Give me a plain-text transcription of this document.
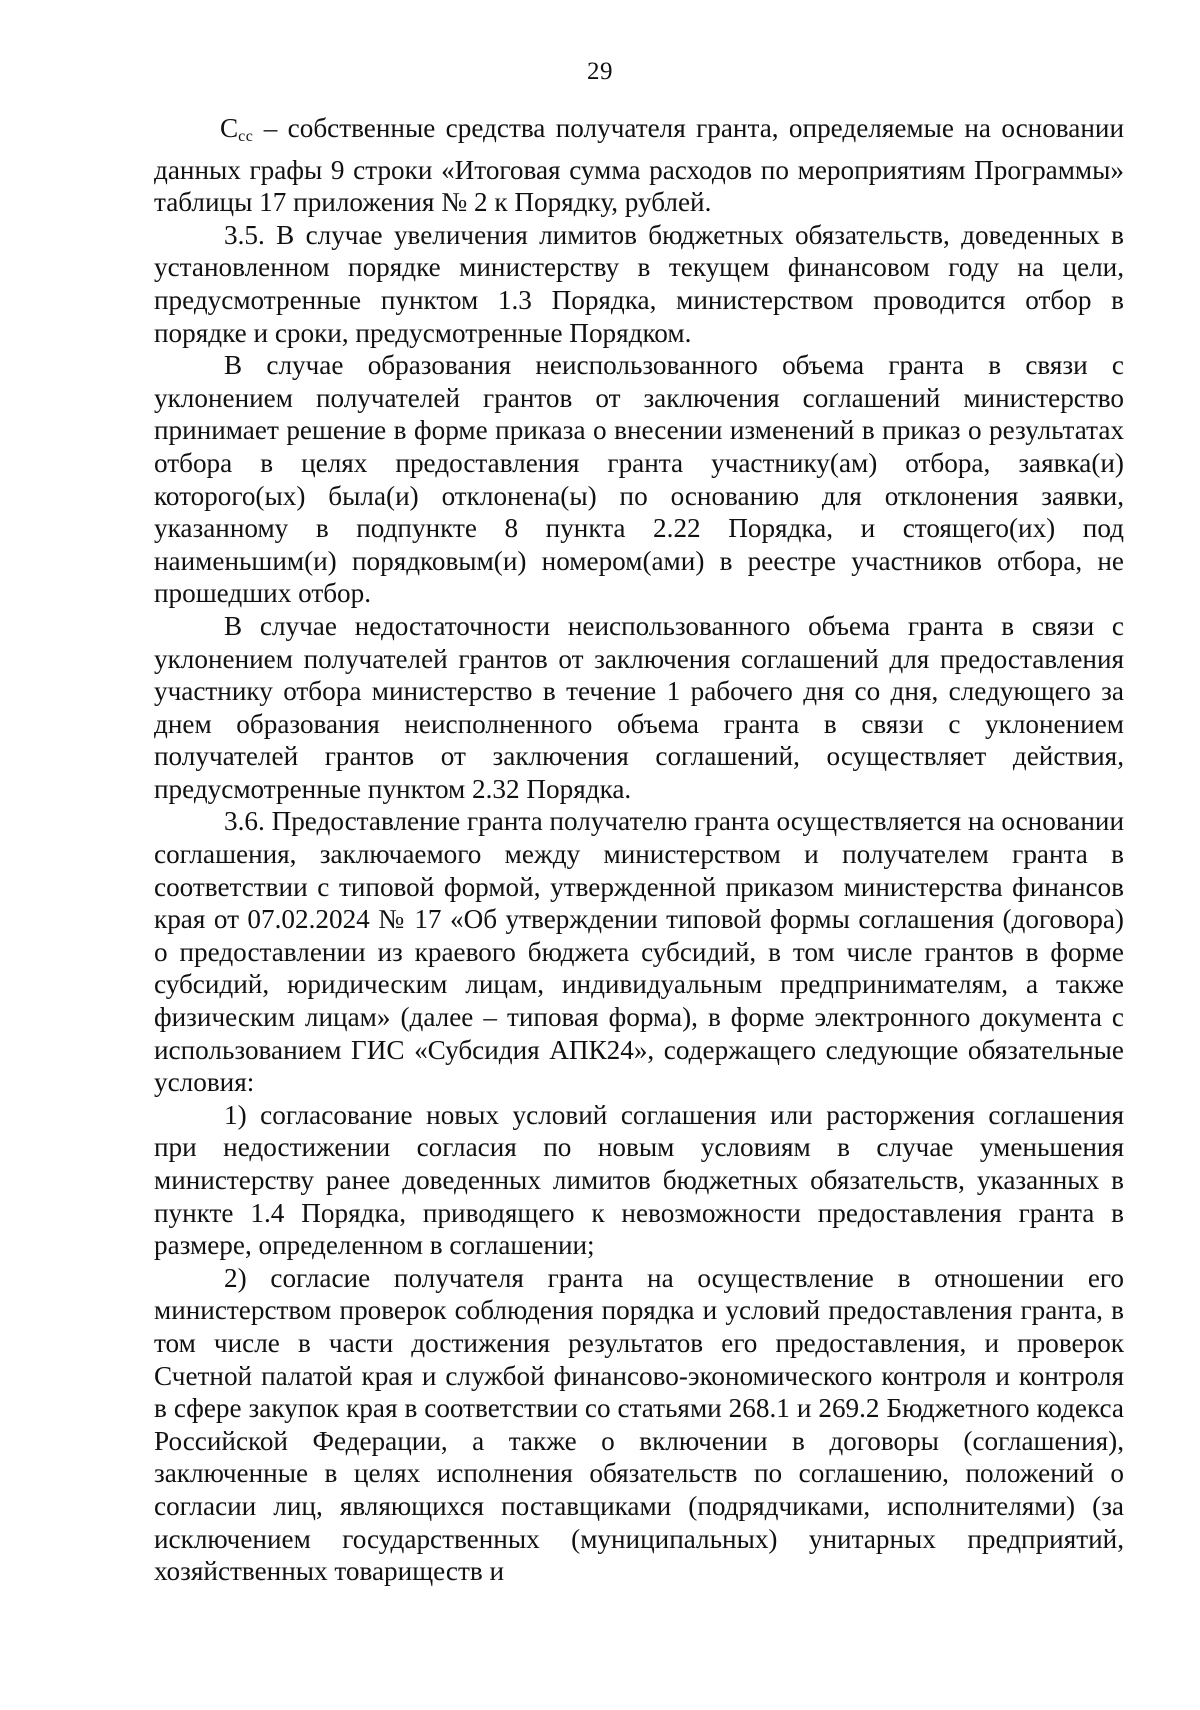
29

$C_{сс}$ – собственные средства получателя гранта, определяемые на основании данных графы 9 строки «Итоговая сумма расходов по мероприятиям Программы» таблицы 17 приложения № 2 к Порядку, рублей.

3.5. В случае увеличения лимитов бюджетных обязательств, доведенных в установленном порядке министерству в текущем финансовом году на цели, предусмотренные пунктом 1.3 Порядка, министерством проводится отбор в порядке и сроки, предусмотренные Порядком.

В случае образования неиспользованного объема гранта в связи с уклонением получателей грантов от заключения соглашений министерство принимает решение в форме приказа о внесении изменений в приказ о результатах отбора в целях предоставления гранта участнику(ам) отбора, заявка(и) которого(ых) была(и) отклонена(ы) по основанию для отклонения заявки, указанному в подпункте 8 пункта 2.22 Порядка, и стоящего(их) под наименьшим(и) порядковым(и) номером(ами) в реестре участников отбора, не прошедших отбор.

В случае недостаточности неиспользованного объема гранта в связи с уклонением получателей грантов от заключения соглашений для предоставления участнику отбора министерство в течение 1 рабочего дня со дня, следующего за днем образования неисполненного объема гранта в связи с уклонением получателей грантов от заключения соглашений, осуществляет действия, предусмотренные пунктом 2.32 Порядка.

3.6. Предоставление гранта получателю гранта осуществляется на основании соглашения, заключаемого между министерством и получателем гранта в соответствии с типовой формой, утвержденной приказом министерства финансов края от 07.02.2024 № 17 «Об утверждении типовой формы соглашения (договора) о предоставлении из краевого бюджета субсидий, в том числе грантов в форме субсидий, юридическим лицам, индивидуальным предпринимателям, а также физическим лицам» (далее – типовая форма), в форме электронного документа с использованием ГИС «Субсидия АПК24», содержащего следующие обязательные условия:

1) согласование новых условий соглашения или расторжения соглашения при недостижении согласия по новым условиям в случае уменьшения министерству ранее доведенных лимитов бюджетных обязательств, указанных в пункте 1.4 Порядка, приводящего к невозможности предоставления гранта в размере, определенном в соглашении;

2) согласие получателя гранта на осуществление в отношении его министерством проверок соблюдения порядка и условий предоставления гранта, в том числе в части достижения результатов его предоставления, и проверок Счетной палатой края и службой финансово-экономического контроля и контроля в сфере закупок края в соответствии со статьями 268.1 и 269.2 Бюджетного кодекса Российской Федерации, а также о включении в договоры (соглашения), заключенные в целях исполнения обязательств по соглашению, положений о согласии лиц, являющихся поставщиками (подрядчиками, исполнителями) (за исключением государственных (муниципальных) унитарных предприятий, хозяйственных товариществ и
